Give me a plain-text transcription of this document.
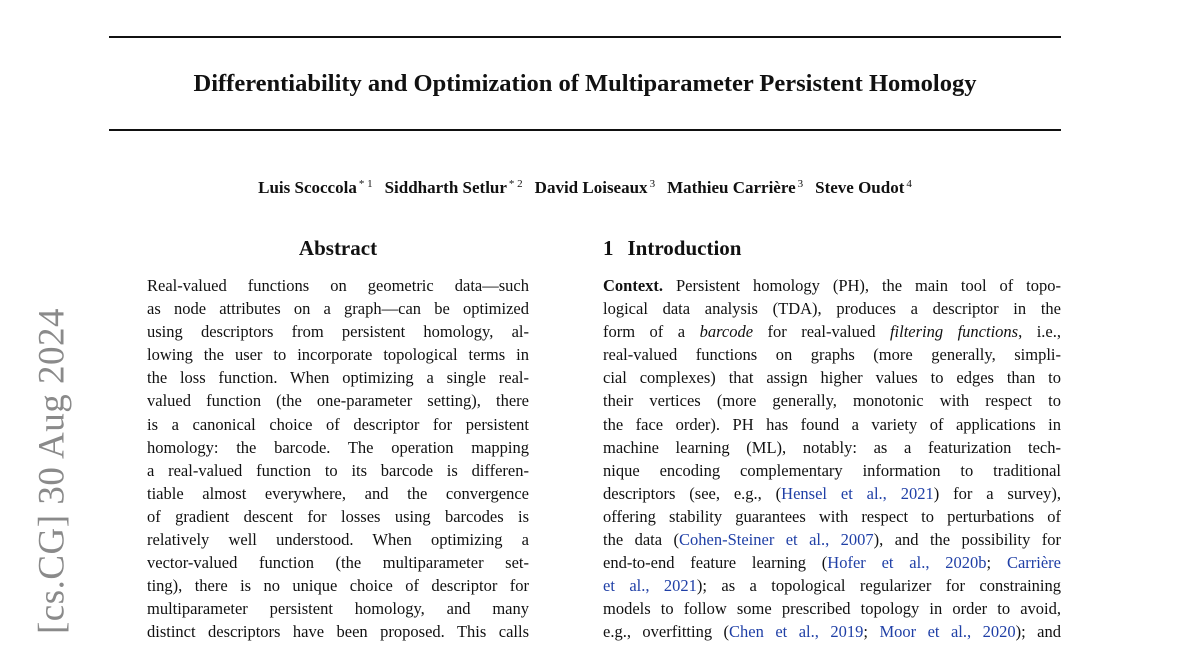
Differentiability and Optimization of Multiparameter Persistent Homology
Luis Scoccola $^{* 1}$ Siddharth Setlur $^{* 2}$ David Loiseaux $^3$ Mathieu Carrière $^3$ Steve Oudot $^4$
[cs.CG] 30 Aug 2024
Abstract
Real-valued functions on geometric data—such
as node attributes on a graph—can be optimized
using descriptors from persistent homology, al-
lowing the user to incorporate topological terms in
the loss function. When optimizing a single real-
valued function (the one-parameter setting), there
is a canonical choice of descriptor for persistent
homology: the barcode. The operation mapping
a real-valued function to its barcode is differen-
tiable almost everywhere, and the convergence
of gradient descent for losses using barcodes is
relatively well understood. When optimizing a
vector-valued function (the multiparameter set-
ting), there is no unique choice of descriptor for
multiparameter persistent homology, and many
distinct descriptors have been proposed. This calls
1 Introduction
Context. Persistent homology (PH), the main tool of topo-
logical data analysis (TDA), produces a descriptor in the
form of a barcode for real-valued filtering functions, i.e.,
real-valued functions on graphs (more generally, simpli-
cial complexes) that assign higher values to edges than to
their vertices (more generally, monotonic with respect to
the face order). PH has found a variety of applications in
machine learning (ML), notably: as a featurization tech-
nique encoding complementary information to traditional
descriptors (see, e.g., (Hensel et al., 2021) for a survey),
offering stability guarantees with respect to perturbations of
the data (Cohen-Steiner et al., 2007), and the possibility for
end-to-end feature learning (Hofer et al., 2020b; Carrière
et al., 2021); as a topological regularizer for constraining
models to follow some prescribed topology in order to avoid,
e.g., overfitting (Chen et al., 2019; Moor et al., 2020); and
